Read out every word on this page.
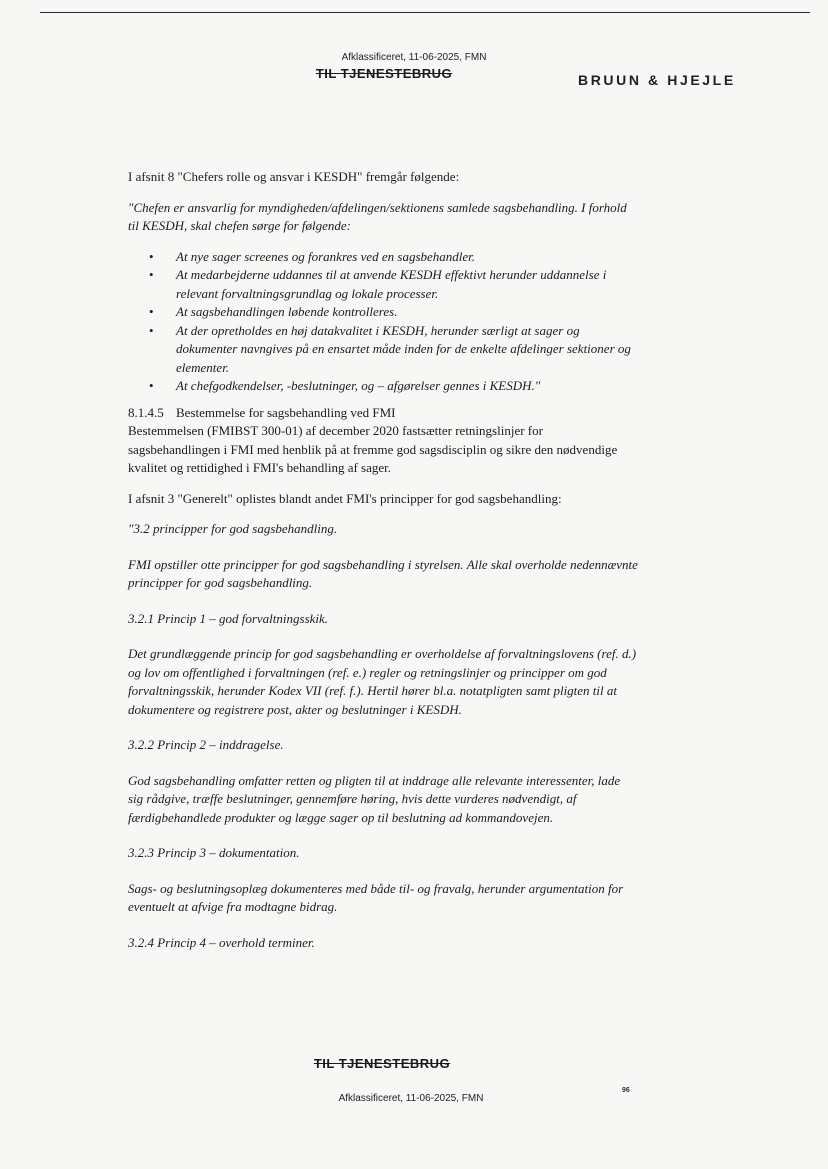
Afklassificeret, 11-06-2025, FMN
TIL TJENESTEBRUG	BRUUN & HJEJLE

I afsnit 8 "Chefers rolle og ansvar i KESDH" fremgår følgende:

"Chefen er ansvarlig for myndigheden/afdelingen/sektionens samlede sagsbehandling. I forhold til KESDH, skal chefen sørge for følgende:

• At nye sager screenes og forankres ved en sagsbehandler.
• At medarbejderne uddannes til at anvende KESDH effektivt herunder uddannelse i relevant forvaltningsgrundlag og lokale processer.
• At sagsbehandlingen løbende kontrolleres.
• At der opretholdes en høj datakvalitet i KESDH, herunder særligt at sager og dokumenter navngives på en ensartet måde inden for de enkelte afdelinger sektioner og elementer.
• At chefgodkendelser, -beslutninger, og – afgørelser gennes i KESDH."
8.1.4.5 Bestemmelse for sagsbehandling ved FMI

Bestemmelsen (FMIBST 300-01) af december 2020 fastsætter retningslinjer for sagsbehandlingen i FMI med henblik på at fremme god sagsdisciplin og sikre den nødvendige kvalitet og rettidighed i FMI's behandling af sager.

I afsnit 3 "Generelt" oplistes blandt andet FMI's principper for god sagsbehandling:

"3.2 principper for god sagsbehandling.

FMI opstiller otte principper for god sagsbehandling i styrelsen. Alle skal overholde nedennævnte principper for god sagsbehandling.

3.2.1 Princip 1 – god forvaltningsskik.

Det grundlæggende princip for god sagsbehandling er overholdelse af forvaltningslovens (ref. d.) og lov om offentlighed i forvaltningen (ref. e.) regler og retningslinjer og principper om god forvaltningsskik, herunder Kodex VII (ref. f.). Hertil hører bl.a. notatpligten samt pligten til at dokumentere og registrere post, akter og beslutninger i KESDH.

3.2.2 Princip 2 – inddragelse.

God sagsbehandling omfatter retten og pligten til at inddrage alle relevante interessenter, lade sig rådgive, træffe beslutninger, gennemføre høring, hvis dette vurderes nødvendigt, af færdigbehandlede produkter og lægge sager op til beslutning ad kommandovejen.

3.2.3 Princip 3 – dokumentation.

Sags- og beslutningsoplæg dokumenteres med både til- og fravalg, herunder argumentation for eventuelt at afvige fra modtagne bidrag.

3.2.4 Princip 4 – overhold terminer.

TIL TJENESTEBRUG
Afklassificeret, 11-06-2025, FMN
96
